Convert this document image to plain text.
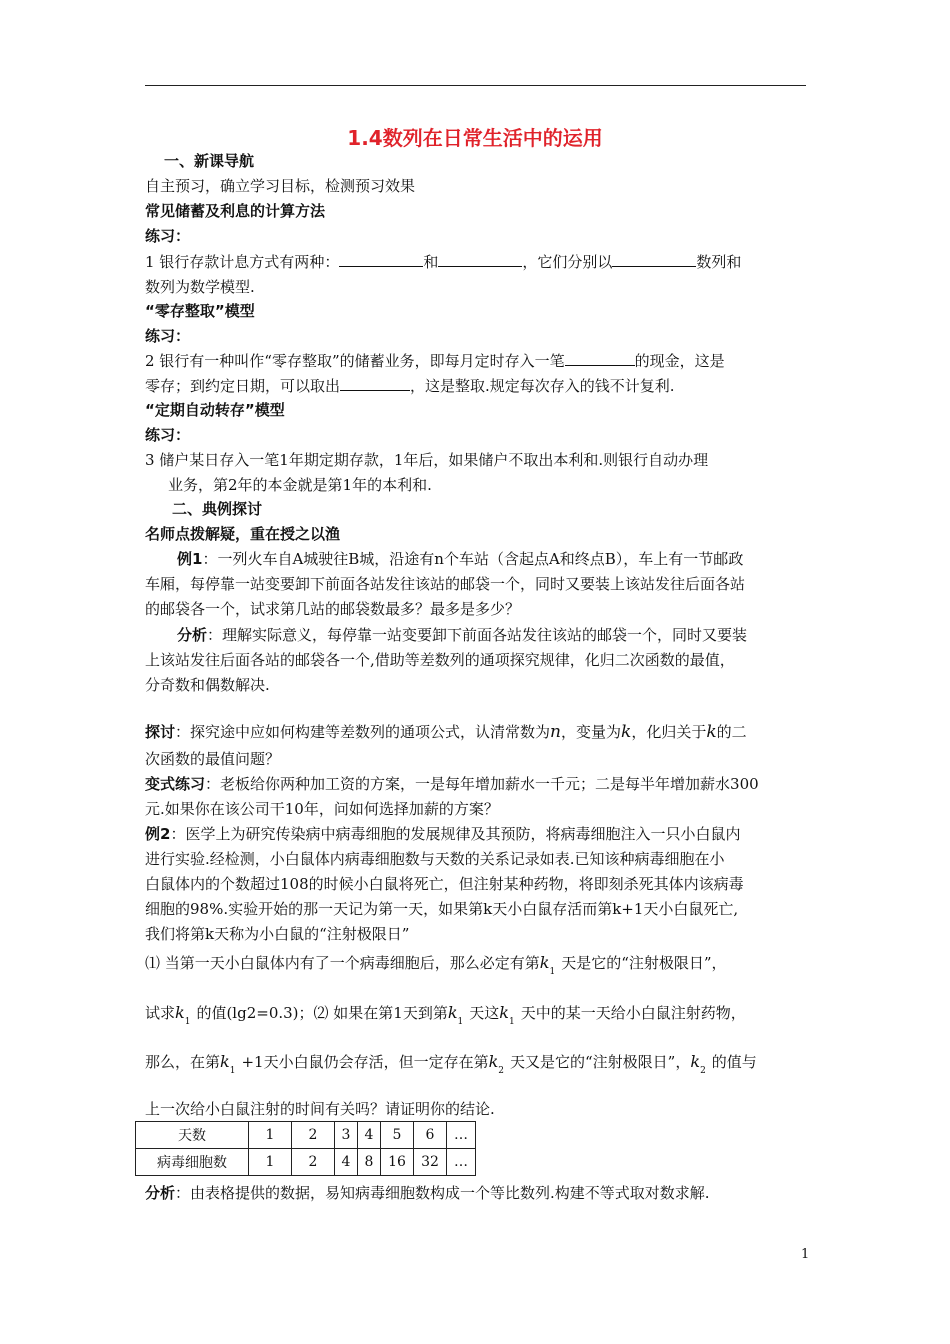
1.4数列在日常生活中的运用
一、新课导航
自主预习，确立学习目标，检测预习效果
常见储蓄及利息的计算方法
练习：
1 银行存款计息方式有两种：	和	，它们分别以	数列和
数列为数学模型.
“零存整取”模型
练习：
2 银行有一种叫作“零存整取”的储蓄业务，即每月定时存入一笔	的现金，这是
零存；到约定日期，可以取出	，这是整取.规定每次存入的钱不计复利.
“定期自动转存”模型
练习：
3 储户某日存入一笔1年期定期存款，1年后，如果储户不取出本利和.则银行自动办理
业务，第2年的本金就是第1年的本利和.
二、典例探讨
名师点拨解疑，重在授之以渔
例1：一列火车自A城驶往B城，沿途有n个车站（含起点A和终点B），车上有一节邮政
车厢，每停靠一站变要卸下前面各站发往该站的邮袋一个，同时又要装上该站发往后面各站
的邮袋各一个，试求第几站的邮袋数最多？最多是多少？
分析：理解实际意义，每停靠一站变要卸下前面各站发往该站的邮袋一个，同时又要装
上该站发往后面各站的邮袋各一个,借助等差数列的通项探究规律，化归二次函数的最值，
分奇数和偶数解决.
探讨：探究途中应如何构建等差数列的通项公式，认清常数为n，变量为k，化归关于k的二
次函数的最值问题？
变式练习：老板给你两种加工资的方案，一是每年增加薪水一千元；二是每半年增加薪水300
元.如果你在该公司干10年，问如何选择加薪的方案？
例2：医学上为研究传染病中病毒细胞的发展规律及其预防，将病毒细胞注入一只小白鼠内
进行实验.经检测，小白鼠体内病毒细胞数与天数的关系记录如表.已知该种病毒细胞在小
白鼠体内的个数超过108的时候小白鼠将死亡，但注射某种药物，将即刻杀死其体内该病毒
细胞的98%.实验开始的那一天记为第一天，如果第k天小白鼠存活而第k+1天小白鼠死亡,
我们将第k天称为小白鼠的“注射极限日”
⑴ 当第一天小白鼠体内有了一个病毒细胞后，那么必定有第$k_1$天是它的“注射极限日”，
试求$k_1$的值(lg2=0.3)；⑵ 如果在第1天到第$k_1$天这$k_1$天中的某一天给小白鼠注射药物，
那么，在第$k_1+1$天小白鼠仍会存活，但一定存在第$k_2$天又是它的“注射极限日”，$k_2$的值与
上一次给小白鼠注射的时间有关吗？请证明你的结论.
天数	1	2	3	4	5	6	…
病毒细胞数	1	2	4	8	16	32	…
分析：由表格提供的数据，易知病毒细胞数构成一个等比数列.构建不等式取对数求解.
1
